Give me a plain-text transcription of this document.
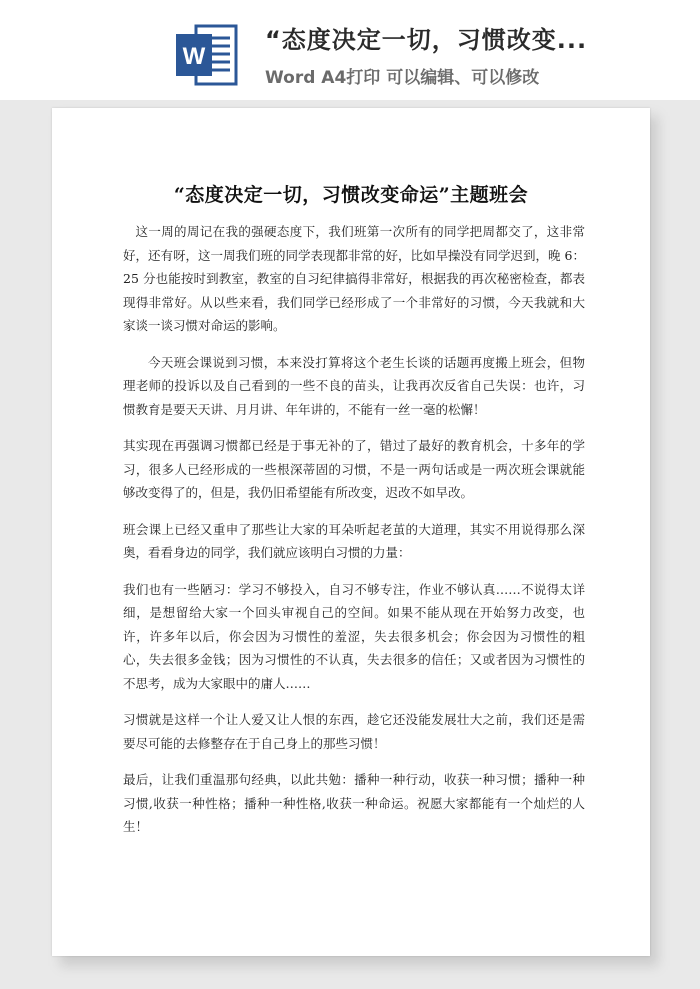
W
“态度决定一切，习惯改变...
Word A4打印 可以编辑、可以修改
“态度决定一切，习惯改变命运”主题班会

这一周的周记在我的强硬态度下，我们班第一次所有的同学把周都交了，这非常好，还有呀，这一周我们班的同学表现都非常的好，比如早操没有同学迟到，晚 6：25 分也能按时到教室，教室的自习纪律搞得非常好，根据我的再次秘密检查，都表现得非常好。从以些来看，我们同学已经形成了一个非常好的习惯，今天我就和大家谈一谈习惯对命运的影响。

今天班会课说到习惯，本来没打算将这个老生长谈的话题再度搬上班会，但物理老师的投诉以及自己看到的一些不良的苗头，让我再次反省自己失误：也许，习惯教育是要天天讲、月月讲、年年讲的，不能有一丝一毫的松懈！

其实现在再强调习惯都已经是于事无补的了，错过了最好的教育机会，十多年的学习，很多人已经形成的一些根深蒂固的习惯，不是一两句话或是一两次班会课就能够改变得了的，但是，我仍旧希望能有所改变，迟改不如早改。

班会课上已经又重申了那些让大家的耳朵听起老茧的大道理，其实不用说得那么深奥，看看身边的同学，我们就应该明白习惯的力量：

我们也有一些陋习：学习不够投入，自习不够专注，作业不够认真……不说得太详细，是想留给大家一个回头审视自己的空间。如果不能从现在开始努力改变，也许，许多年以后，你会因为习惯性的羞涩，失去很多机会；你会因为习惯性的粗心，失去很多金钱；因为习惯性的不认真，失去很多的信任；又或者因为习惯性的不思考，成为大家眼中的庸人……

习惯就是这样一个让人爱又让人恨的东西，趁它还没能发展壮大之前，我们还是需要尽可能的去修整存在于自己身上的那些习惯！

最后，让我们重温那句经典，以此共勉：播种一种行动，收获一种习惯；播种一种习惯,收获一种性格；播种一种性格,收获一种命运。祝愿大家都能有一个灿烂的人生！
